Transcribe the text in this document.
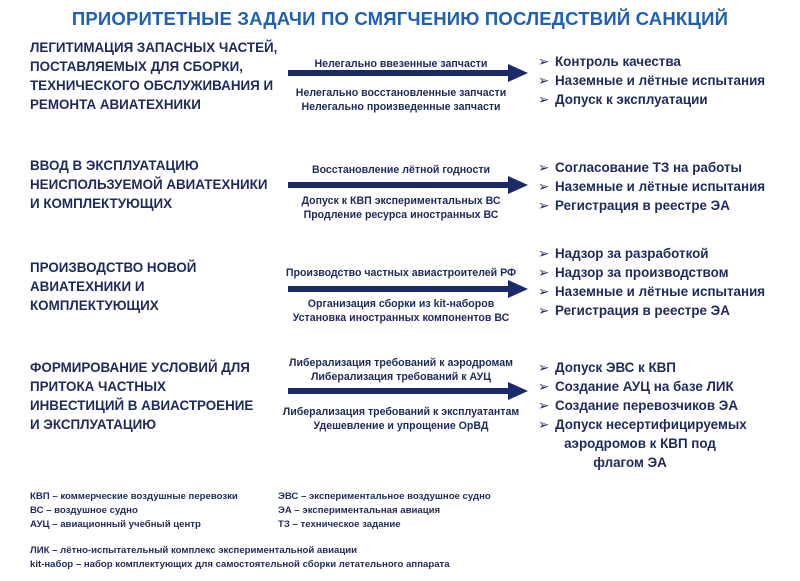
ПРИОРИТЕТНЫЕ ЗАДАЧИ ПО СМЯГЧЕНИЮ ПОСЛЕДСТВИЙ САНКЦИЙ
ЛЕГИТИМАЦИЯ ЗАПАСНЫХ ЧАСТЕЙ,
ПОСТАВЛЯЕМЫХ ДЛЯ СБОРКИ,
ТЕХНИЧЕСКОГО ОБСЛУЖИВАНИЯ И
РЕМОНТА АВИАТЕХНИКИ
Нелегально ввезенные запчасти
Нелегально восстановленные запчасти
Нелегально произведенные запчасти
➢ Контроль качества
➢ Наземные и лётные испытания
➢ Допуск к эксплуатации
ВВОД В ЭКСПЛУАТАЦИЮ
НЕИСПОЛЬЗУЕМОЙ АВИАТЕХНИКИ
И КОМПЛЕКТУЮЩИХ
Восстановление лётной годности
Допуск к КВП экспериментальных ВС
Продление ресурса иностранных ВС
➢ Согласование ТЗ на работы
➢ Наземные и лётные испытания
➢ Регистрация в реестре ЭА
ПРОИЗВОДСТВО НОВОЙ
АВИАТЕХНИКИ И
КОМПЛЕКТУЮЩИХ
Производство частных авиастроителей РФ
Организация сборки из kit-наборов
Установка иностранных компонентов ВС
➢ Надзор за разработкой
➢ Надзор за производством
➢ Наземные и лётные испытания
➢ Регистрация в реестре ЭА
ФОРМИРОВАНИЕ УСЛОВИЙ ДЛЯ
ПРИТОКА ЧАСТНЫХ
ИНВЕСТИЦИЙ В АВИАСТРОЕНИЕ
И ЭКСПЛУАТАЦИЮ
Либерализация требований к аэродромам
Либерализация требований к АУЦ
Либерализация требований к эксплуатантам
Удешевление и упрощение ОрВД
➢ Допуск ЭВС к КВП
➢ Создание АУЦ на базе ЛИК
➢ Создание перевозчиков ЭА
➢ Допуск несертифицируемых
аэродромов к КВП под
флагом ЭА
КВП – коммерческие воздушные перевозки
ВС – воздушное судно
АУЦ – авиационный учебный центр
ЭВС – экспериментальное воздушное судно
ЭА – экспериментальная авиация
ТЗ – техническое задание
ЛИК – лётно-испытательный комплекс экспериментальной авиации
kit-набор – набор комплектующих для самостоятельной сборки летательного аппарата
